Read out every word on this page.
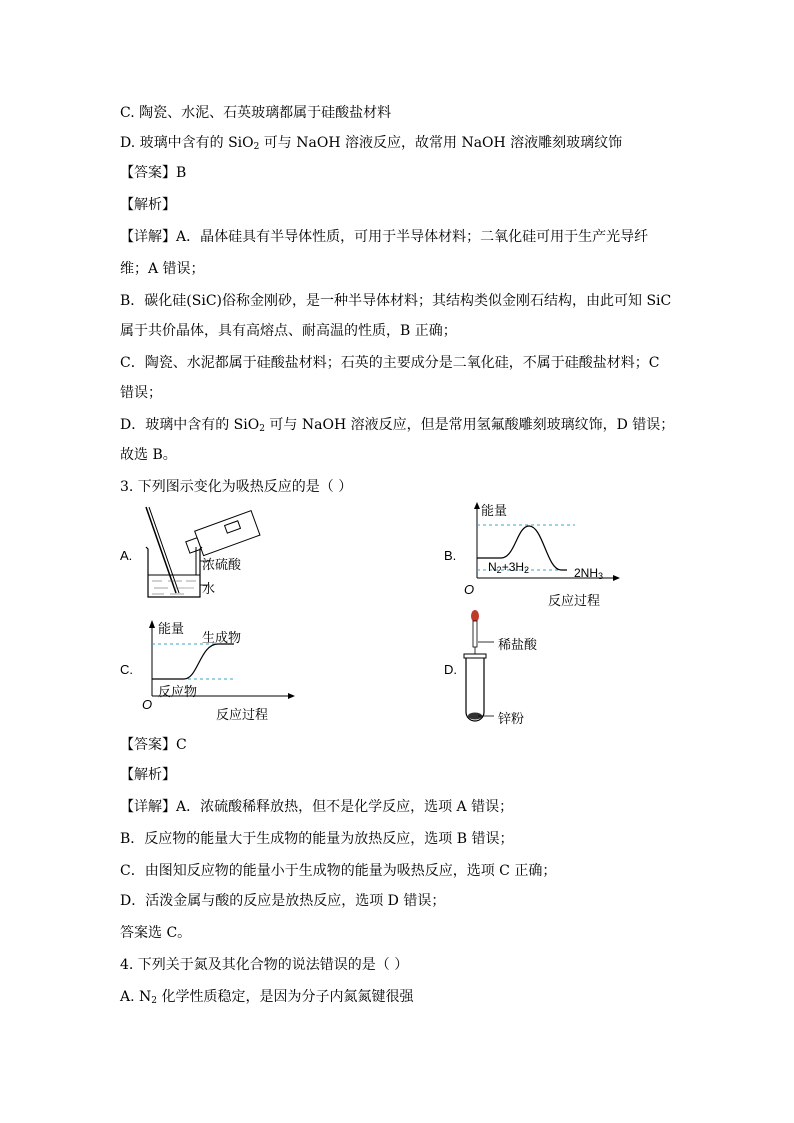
C. 陶瓷、水泥、石英玻璃都属于硅酸盐材料
D. 玻璃中含有的 SiO$_2$ 可与 NaOH 溶液反应，故常用 NaOH 溶液雕刻玻璃纹饰
【答案】B
【解析】
【详解】A．晶体硅具有半导体性质，可用于半导体材料；二氧化硅可用于生产光导纤
维；A 错误；
B．碳化硅(SiC)俗称金刚砂，是一种半导体材料；其结构类似金刚石结构，由此可知 SiC
属于共价晶体，具有高熔点、耐高温的性质，B 正确；
C．陶瓷、水泥都属于硅酸盐材料；石英的主要成分是二氧化硅，不属于硅酸盐材料；C
错误；
D．玻璃中含有的 SiO$_2$ 可与 NaOH 溶液反应，但是常用氢氟酸雕刻玻璃纹饰，D 错误；
故选 B。
3. 下列图示变化为吸热反应的是（ ）
A.
浓硫酸
水
B.
能量
O
$N_2+3H_2$	$2NH_3$
反应过程
C.
能量
生成物
反应物
O
反应过程
D.
稀盐酸
锌粉
【答案】C
【解析】
【详解】A．浓硫酸稀释放热，但不是化学反应，选项 A 错误；
B．反应物的能量大于生成物的能量为放热反应，选项 B 错误；
C．由图知反应物的能量小于生成物的能量为吸热反应，选项 C 正确；
D．活泼金属与酸的反应是放热反应，选项 D 错误；
答案选 C。
4. 下列关于氮及其化合物的说法错误的是（ ）
A. $N_2$ 化学性质稳定，是因为分子内氮氮键很强
